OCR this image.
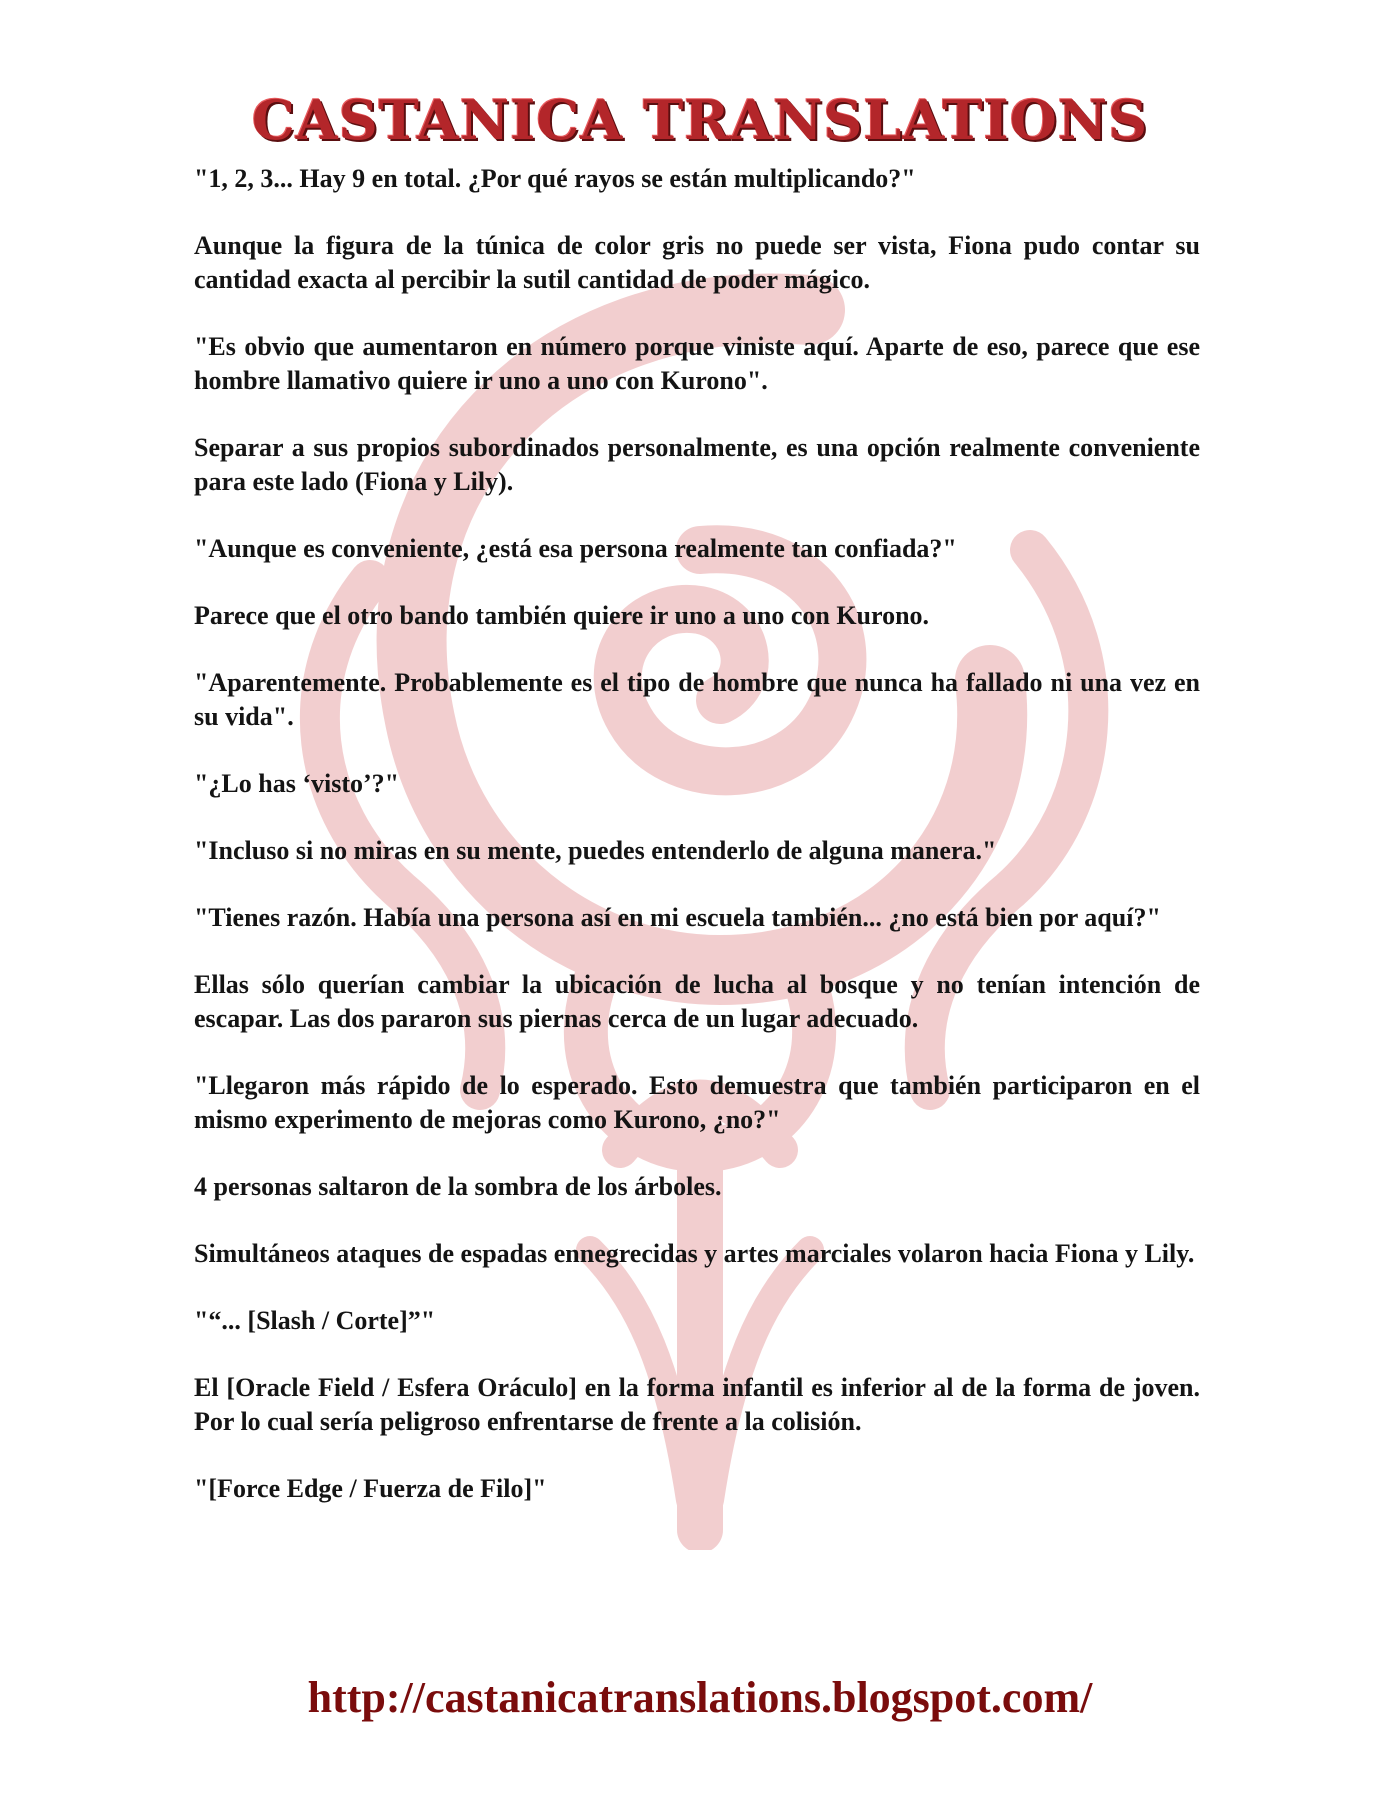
CASTANICA TRANSLATIONS

"1, 2, 3... Hay 9 en total. ¿Por qué rayos se están multiplicando?"

Aunque la figura de la túnica de color gris no puede ser vista, Fiona pudo contar su cantidad exacta al percibir la sutil cantidad de poder mágico.

"Es obvio que aumentaron en número porque viniste aquí. Aparte de eso, parece que ese hombre llamativo quiere ir uno a uno con Kurono".

Separar a sus propios subordinados personalmente, es una opción realmente conveniente para este lado (Fiona y Lily).

"Aunque es conveniente, ¿está esa persona realmente tan confiada?"

Parece que el otro bando también quiere ir uno a uno con Kurono.

"Aparentemente. Probablemente es el tipo de hombre que nunca ha fallado ni una vez en su vida".

"¿Lo has ‘visto’?"

"Incluso si no miras en su mente, puedes entenderlo de alguna manera."

"Tienes razón. Había una persona así en mi escuela también... ¿no está bien por aquí?"

Ellas sólo querían cambiar la ubicación de lucha al bosque y no tenían intención de escapar. Las dos pararon sus piernas cerca de un lugar adecuado.

"Llegaron más rápido de lo esperado. Esto demuestra que también participaron en el mismo experimento de mejoras como Kurono, ¿no?"

4 personas saltaron de la sombra de los árboles.

Simultáneos ataques de espadas ennegrecidas y artes marciales volaron hacia Fiona y Lily.

"“... [Slash / Corte]”"

El [Oracle Field / Esfera Oráculo] en la forma infantil es inferior al de la forma de joven. Por lo cual sería peligroso enfrentarse de frente a la colisión.

"[Force Edge / Fuerza de Filo]"

http://castanicatranslations.blogspot.com/
